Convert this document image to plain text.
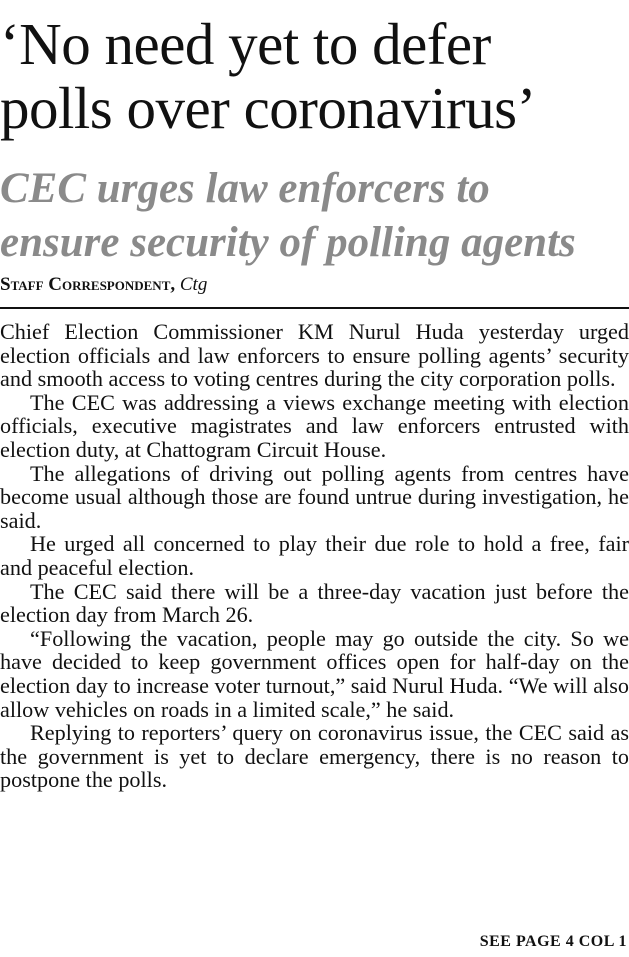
‘No need yet to defer
polls over coronavirus’
CEC urges law enforcers to
ensure security of polling agents
Staff Correspondent, Ctg

Chief Election Commissioner KM Nurul Huda yesterday urged election officials and law enforcers to ensure polling agents’ security and smooth access to voting centres during the city corporation polls.

The CEC was addressing a views exchange meeting with election officials, executive magistrates and law enforcers entrusted with election duty, at Chattogram Circuit House.

The allegations of driving out polling agents from centres have become usual although those are found untrue during investigation, he said.

He urged all concerned to play their due role to hold a free, fair and peaceful election.

The CEC said there will be a three-day vacation just before the election day from March 26.

“Following the vacation, people may go outside the city. So we have decided to keep government offices open for half-day on the election day to increase voter turnout,” said Nurul Huda. “We will also allow vehicles on roads in a limited scale,” he said.

Replying to reporters’ query on coronavirus issue, the CEC said as the government is yet to declare emergency, there is no reason to postpone the polls.

SEE PAGE 4 COL 1
